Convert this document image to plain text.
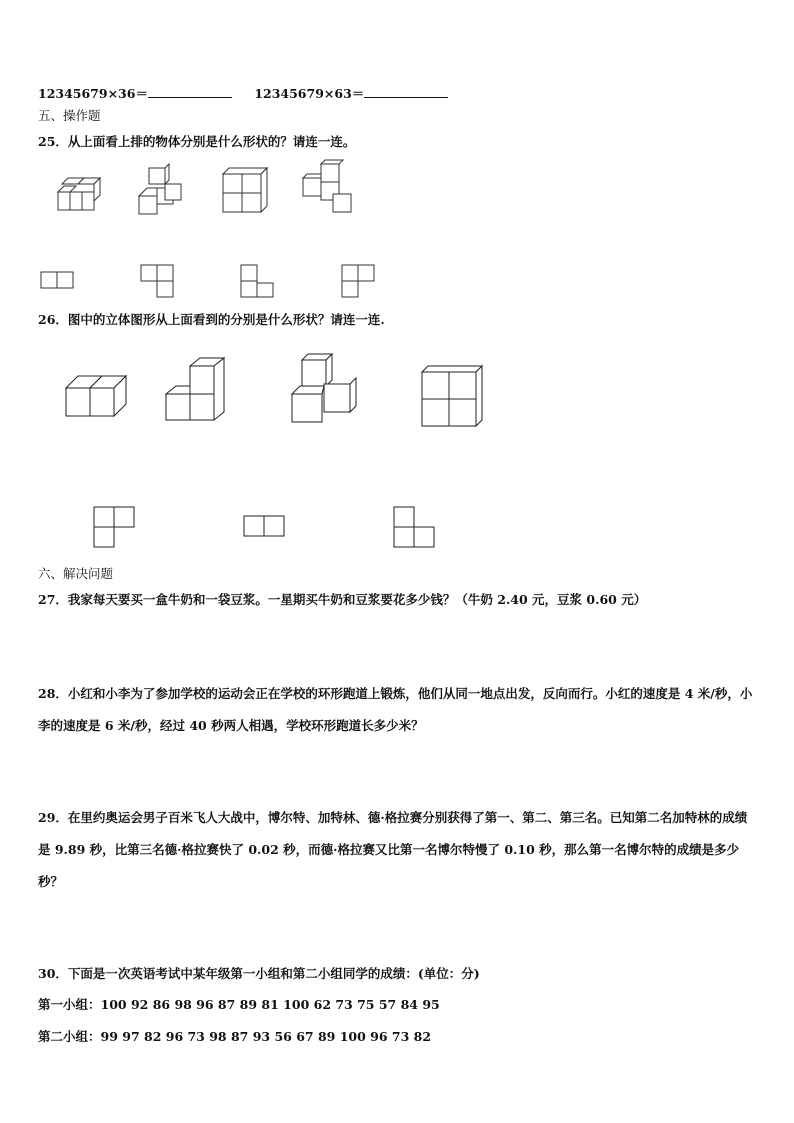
12345679×36＝	12345679×63＝
五、操作题
25．从上面看上排的物体分别是什么形状的？请连一连。
26．图中的立体图形从上面看到的分别是什么形状？请连一连.
六、解决问题
27．我家每天要买一盒牛奶和一袋豆浆。一星期买牛奶和豆浆要花多少钱？（牛奶 2.40 元，豆浆 0.60 元）
28．小红和小李为了参加学校的运动会正在学校的环形跑道上锻炼，他们从同一地点出发，反向而行。小红的速度是 4 米/秒，小李的速度是 6 米/秒，经过 40 秒两人相遇，学校环形跑道长多少米？
29．在里约奥运会男子百米飞人大战中，博尔特、加特林、德·格拉赛分别获得了第一、第二、第三名。已知第二名加特林的成绩是 9.89 秒，比第三名德·格拉赛快了 0.02 秒，而德·格拉赛又比第一名博尔特慢了 0.10 秒，那么第一名博尔特的成绩是多少秒？
30．下面是一次英语考试中某年级第一小组和第二小组同学的成绩：(单位：分)
第一小组：100 92 86 98 96 87 89 81 100 62 73 75 57 84 95
第二小组：99 97 82 96 73 98 87 93 56 67 89 100 96 73 82
